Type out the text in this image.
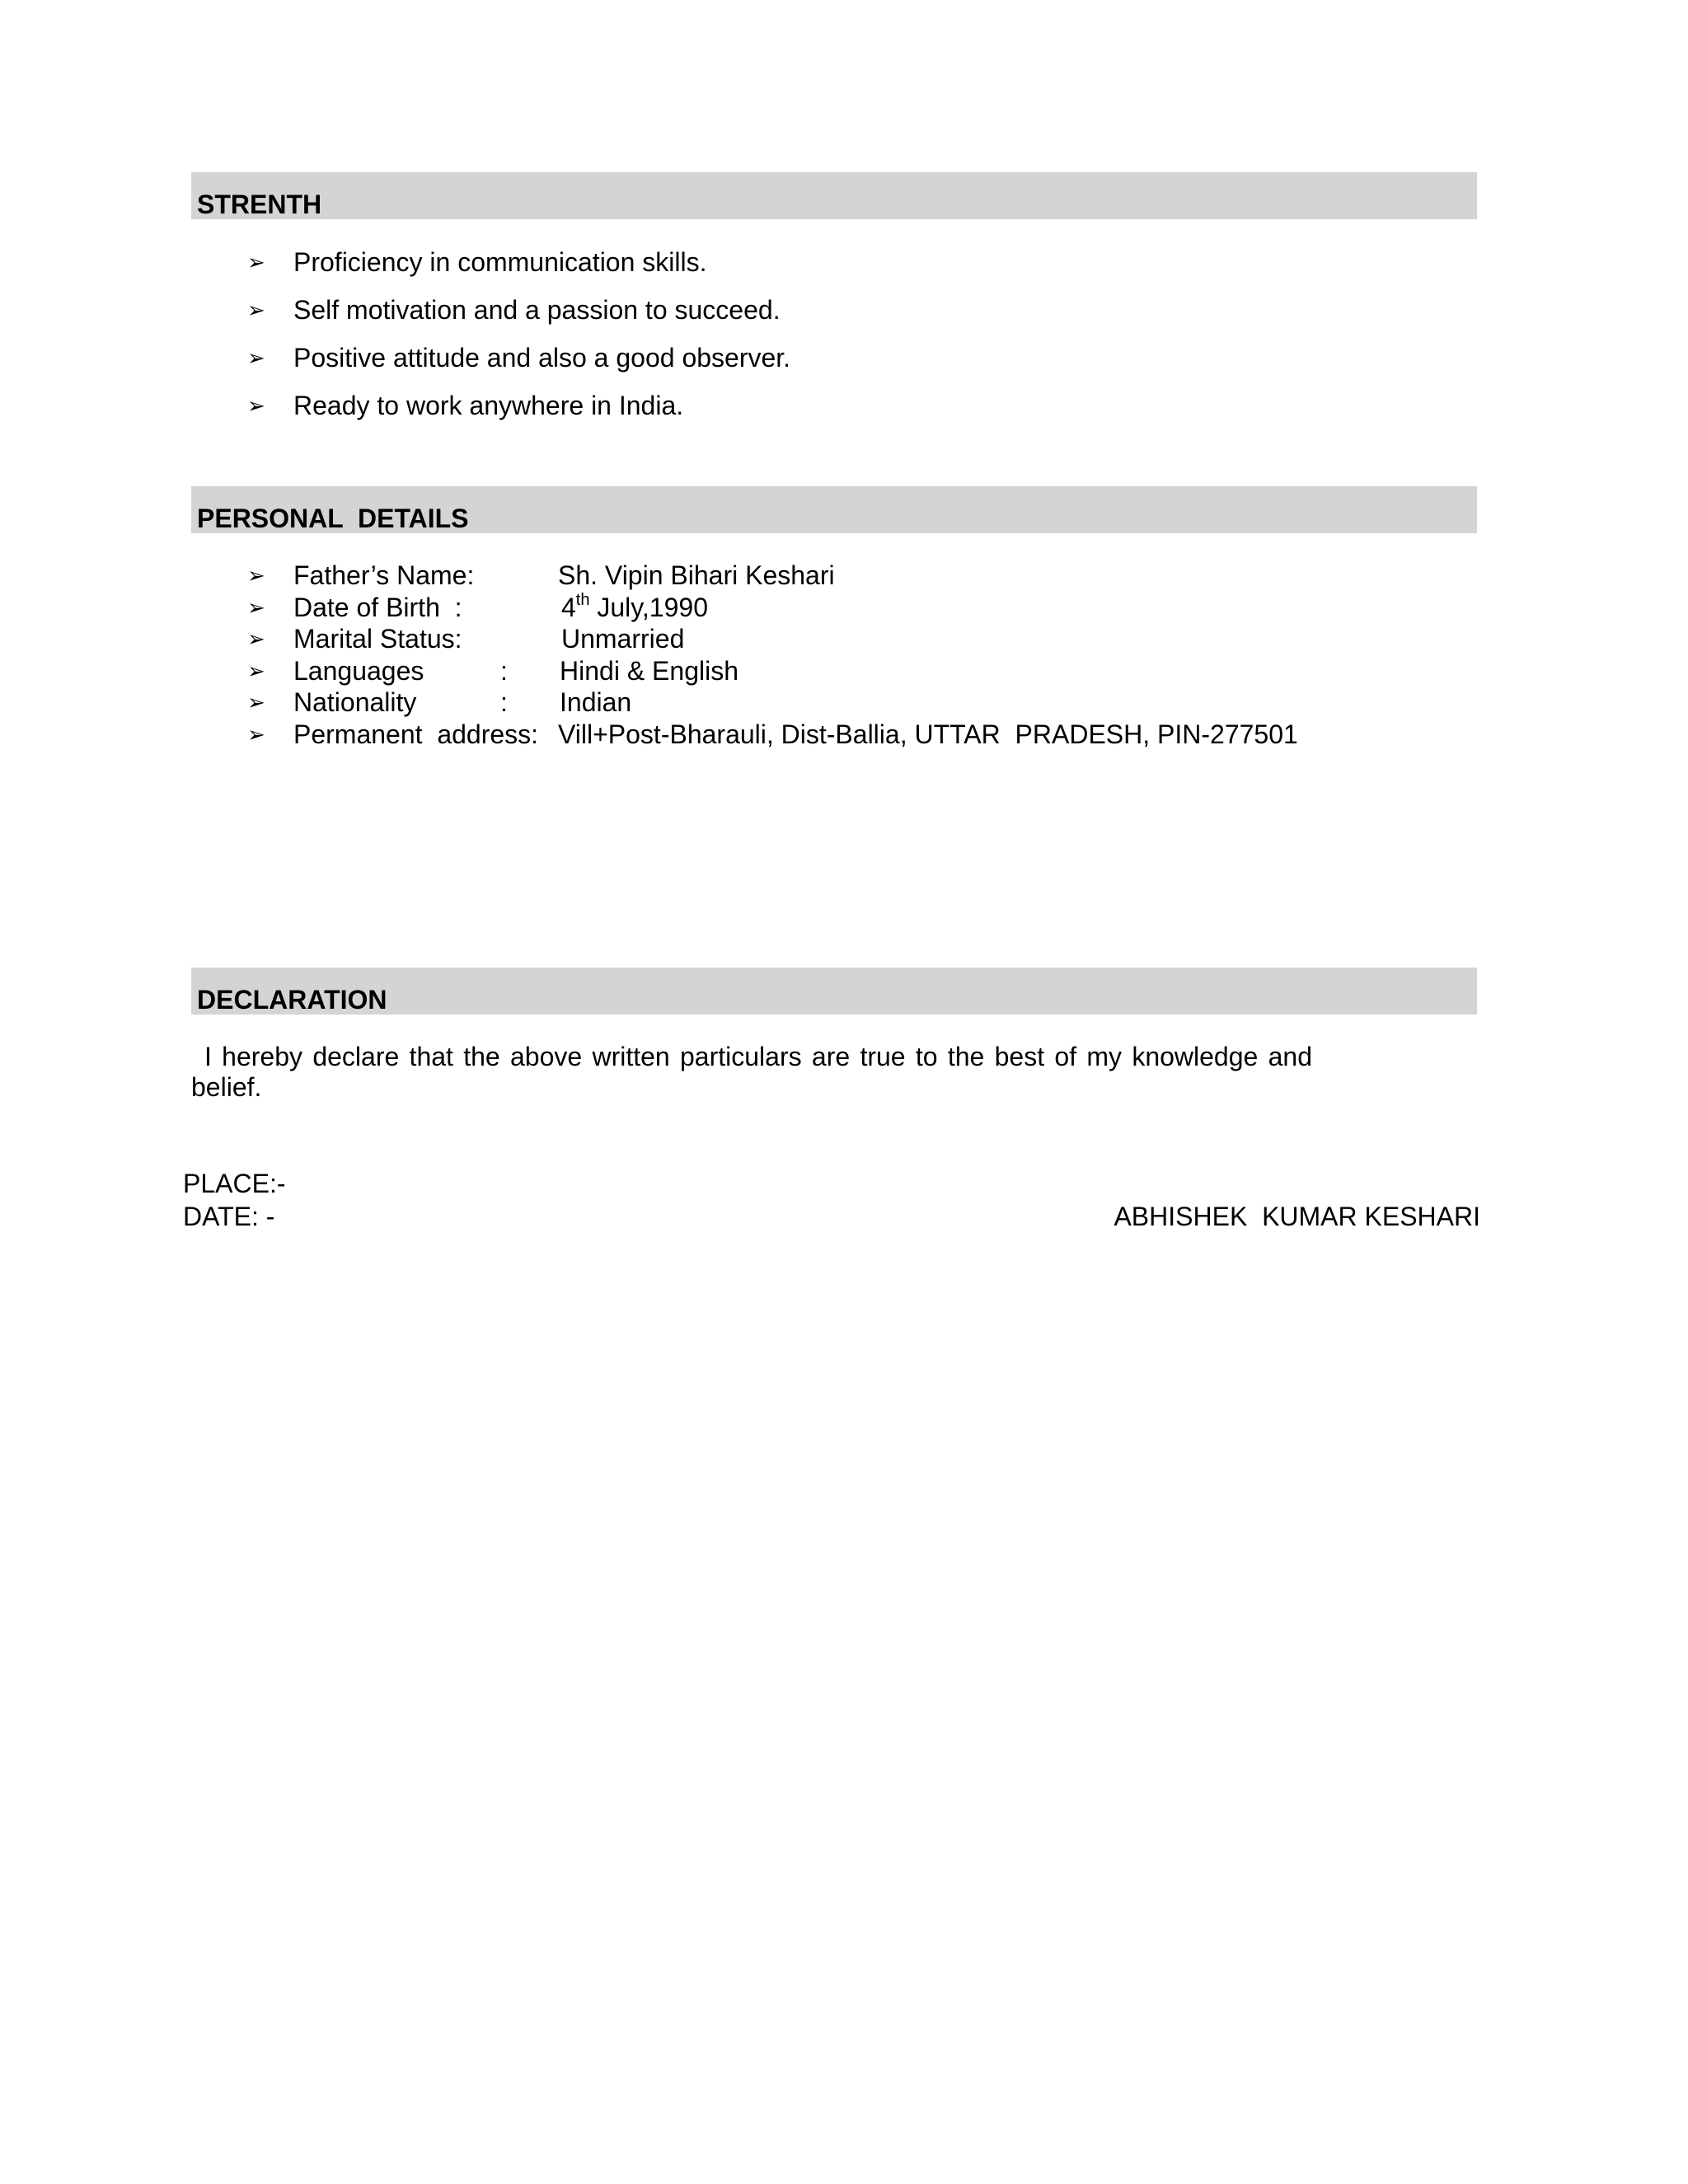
STRENTH
➢ Proficiency in communication skills.
➢ Self motivation and a passion to succeed.
➢ Positive attitude and also a good observer.
➢ Ready to work anywhere in India.
PERSONAL  DETAILS
➢ Father’s Name:	Sh. Vipin Bihari Keshari
➢ Date of Birth  :	4th July,1990
➢ Marital Status:	Unmarried
➢ Languages	: Hindi & English
➢ Nationality	: Indian
➢ Permanent  address: Vill+Post-Bharauli, Dist-Ballia, UTTAR  PRADESH, PIN-277501
DECLARATION
I hereby declare that the above written particulars are true to the best of my knowledge and
belief.
PLACE:-
DATE: -	ABHISHEK  KUMAR KESHARI
